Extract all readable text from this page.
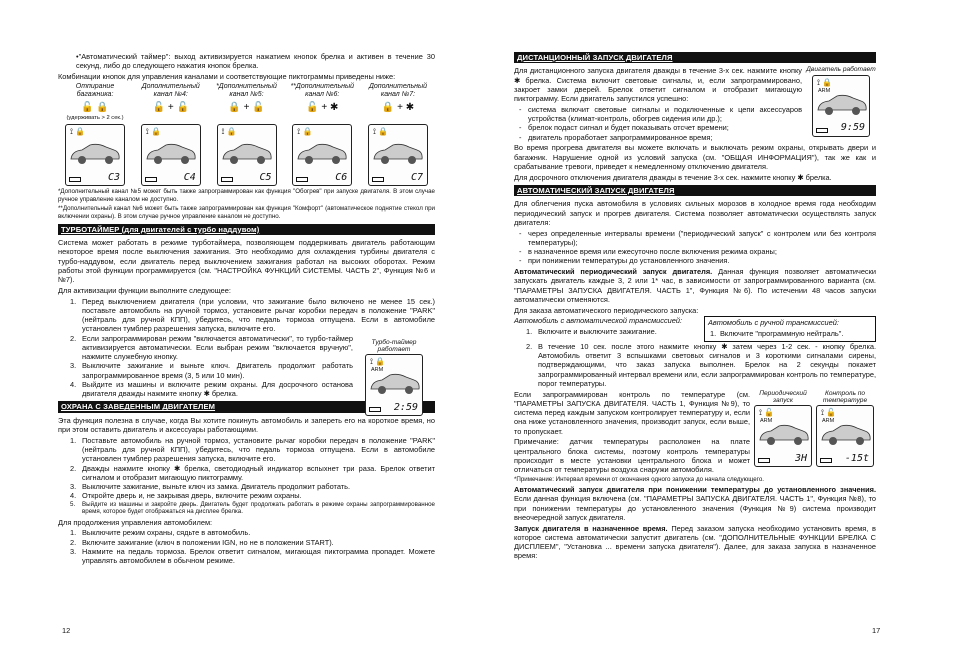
•"Автоматический таймер": выход активизируется нажатием кнопок брелка и активен в течение 30 секунд, либо до следующего нажатия кнопок брелка.

Комбинации кнопок для управления каналами и соответствующие пиктограммы приведены ниже:

Отпирание багажника:
🔓 🔒
(удерживать > 2 сек.)
⟟ 🔒
C3
Дополнительный канал №4:
🔓 + 🔓
⟟ 🔒
C4
*Дополнительный канал №5:
🔒 + 🔓
⟟ 🔒
C5
**Дополнительный канал №6:
🔓 + ✱
⟟ 🔒
C6
Дополнительный канал №7:
🔒 + ✱
⟟ 🔒
C7

*Дополнительный канал №5 может быть также запрограммирован как функция "Обогрев" при запуске двигателя. В этом случае ручное управление каналом не доступно.

**Дополнительный канал №6 может быть также запрограммирован как функция "Комфорт" (автоматическое поднятие стекол при включении охраны). В этом случае ручное управление каналом не доступно.

ТУРБОТАЙМЕР (для двигателей с турбо наддувом)

Система может работать в режиме турботаймера, позволяющем поддерживать двигатель работающим некоторое время после выключения зажигания. Это необходимо для охлаждения турбины двигателя с турбо-наддувом, если двигатель перед выключением зажигания работал на высоких оборотах. Режим работы этой функции программируется (см. "НАСТРОЙКА ФУНКЦИЙ СИСТЕМЫ. ЧАСТЬ 2", Функция №6 и №7).

Для активизации функции выполните следующее:

1. Перед выключением двигателя (при условии, что зажигание было включено не менее 15 сек.) поставьте автомобиль на ручной тормоз, установите рычаг коробки передач в положение "PARK" (нейтраль для ручной КПП), убедитесь, что педаль тормоза отпущена. Если в автомобиле установлен тумблер разрешения запуска, включите его.
2. Если запрограммирован режим "включается автоматически", то турбо-таймер активизируется автоматически. Если выбран режим "включается вручную", нажмите служебную кнопку.
3. Выключите зажигание и выньте ключ. Двигатель продолжит работать запрограммированное время (3, 5 или 10 мин).
4. Выйдите из машины и включите режим охраны. Для досрочного останова двигателя дважды нажмите кнопку ✱ брелка.
Турбо-таймер работает
⟟ 🔒
ARM
2:59
ОХРАНА С ЗАВЕДЕННЫМ ДВИГАТЕЛЕМ

Эта функция полезна в случае, когда Вы хотите покинуть автомобиль и запереть его на короткое время, но при этом оставить двигатель и аксессуары работающими.

1. Поставьте автомобиль на ручной тормоз, установите рычаг коробки передач в положение "PARK" (нейтраль для ручной КПП), убедитесь, что педаль тормоза отпущена. Если в автомобиле установлен тумблер разрешения запуска, включите его.
2. Дважды нажмите кнопку ✱ брелка, светодиодный индикатор вспыхнет три раза. Брелок ответит сигналом и отобразит мигающую пиктограмму.
3. Выключите зажигание, выньте ключ из замка. Двигатель продолжит работать.
4. Откройте дверь и, не закрывая дверь, включите режим охраны.
5. Выйдите из машины и закройте дверь. Двигатель будет продолжать работать в режиме охраны запрограммированное время, которое будет отображаться на дисплее брелка.

Для продолжения управления автомобилем:

1. Выключите режим охраны, сядьте в автомобиль.
2. Включите зажигание (ключ в положении IGN, но не в положении START).
3. Нажмите на педаль тормоза. Брелок ответит сигналом, мигающая пиктограмма пропадет. Можете управлять автомобилем в обычном режиме.
12
ДИСТАНЦИОННЫЙ ЗАПУСК ДВИГАТЕЛЯ

Для дистанционного запуска двигателя дважды в течение 3-х сек. нажмите кнопку ✱ брелка. Система включит световые сигналы, и, если запрограммировано, закроет замки дверей. Брелок ответит сигналом и отобразит мигающую пиктограмму. Если двигатель запустился успешно:

- система включит световые сигналы и подключенные к цепи аксессуаров устройства (климат-контроль, обогрев сидения или др.);
- брелок подаст сигнал и будет показывать отсчет времени;
- двигатель проработает запрограммированное время;
Двигатель работает
⟟ 🔒
ARM
9:59

Во время прогрева двигателя вы можете включать и выключать режим охраны, открывать двери и багажник. Нарушение одной из условий запуска (см. "ОБЩАЯ ИНФОРМАЦИЯ"), так же как и срабатывание тревоги, приведет к немедленному отключению двигателя.

Для досрочного отключения двигателя дважды в течение 3-х сек. нажмите кнопку ✱ брелка.

АВТОМАТИЧЕСКИЙ ЗАПУСК ДВИГАТЕЛЯ

Для облегчения пуска автомобиля в условиях сильных морозов в холодное время года необходим периодический запуск и прогрев двигателя. Система позволяет автоматически осуществлять запуск двигателя:

- через определенные интервалы времени ("периодический запуск" с контролем или без контроля температуры);
- в назначенное время или ежесуточно после включения режима охраны;
- при понижении температуры до установленного значения.

Автоматический периодический запуск двигателя. Данная функция позволяет автоматически запускать двигатель каждые 3, 2 или 1* час, в зависимости от запрограммированного варианта (см. "ПАРАМЕТРЫ ЗАПУСКА ДВИГАТЕЛЯ. ЧАСТЬ 1", Функция №6). По истечении 48 часов запуски автоматически отменяются.

Для заказа автоматического периодического запуска:

Автомобиль с автоматической трансмиссией:

1. Включите и выключите зажигание.

Автомобиль с ручной трансмиссией:

1. Включите "программную нейтраль".
2. В течение 10 сек. после этого нажмите кнопку ✱ затем через 1-2 сек. - кнопку брелка. Автомобиль ответит 3 вспышками световых сигналов и 3 короткими сигналами сирены, подтверждающими, что заказ запуска выполнен. Брелок на 2 секунды покажет запрограммированный интервал времени или, если запрограммирован контроль по температуре, порог температуры.

Если запрограммирован контроль по температуре (см. "ПАРАМЕТРЫ ЗАПУСКА ДВИГАТЕЛЯ. ЧАСТЬ 1, Функция №9), то система перед каждым запуском контролирует температуру и, если она ниже установленного значения, производит запуск, если выше, то пропускает.

Примечание: датчик температуры расположен на плате центрального блока системы, поэтому контроль температуры происходит в месте установки центрального блока и может отличаться от температуры воздуха снаружи автомобиля.

Периодический запуск
⟟ 🔓
ARM
3H
Контроль по температуре
⟟ 🔓
ARM
-15t

*Примечание: Интервал времени от окончания одного запуска до начала следующего.

Автоматический запуск двигателя при понижении температуры до установленного значения. Если данная функция включена (см. "ПАРАМЕТРЫ ЗАПУСКА ДВИГАТЕЛЯ. ЧАСТЬ 1", Функция №8), то при понижении температуры до установленного значения (Функция №9) система производит внеочередной запуск двигателя.

Запуск двигателя в назначенное время. Перед заказом запуска необходимо установить время, в которое система автоматически запустит двигатель (см. "ДОПОЛНИТЕЛЬНЫЕ ФУНКЦИИ БРЕЛКА С ДИСПЛЕЕМ", "Установка ... времени запуска двигателя"). Далее, для заказа запуска в назначенное время:

17
